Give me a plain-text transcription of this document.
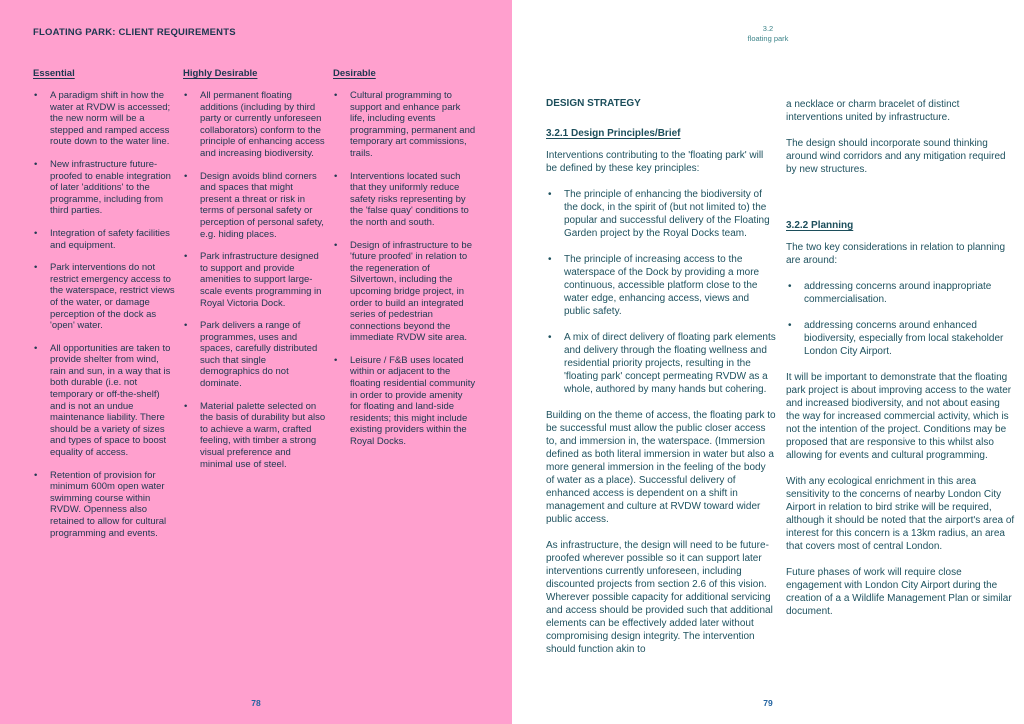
FLOATING PARK: CLIENT REQUIREMENTS
Essential
• A paradigm shift in how the water at RVDW is accessed; the new norm will be a stepped and ramped access route down to the water line.
• New infrastructure future-proofed to enable integration of later 'additions' to the programme, including from third parties.
• Integration of safety facilities and equipment.
• Park interventions do not restrict emergency access to the waterspace, restrict views of the water, or damage perception of the dock as 'open' water.
• All opportunities are taken to provide shelter from wind, rain and sun, in a way that is both durable (i.e. not temporary or off-the-shelf) and is not an undue maintenance liability. There should be a variety of sizes and types of space to boost equality of access.
• Retention of provision for minimum 600m open water swimming course within RVDW. Openness also retained to allow for cultural programming and events.
Highly Desirable
• All permanent floating additions (including by third party or currently unforeseen collaborators) conform to the principle of enhancing access and increasing biodiversity.
• Design avoids blind corners and spaces that might present a threat or risk in terms of personal safety or perception of personal safety, e.g. hiding places.
• Park infrastructure designed to support and provide amenities to support large-scale events programming in Royal Victoria Dock.
• Park delivers a range of programmes, uses and spaces, carefully distributed such that single demographics do not dominate.
• Material palette selected on the basis of durability but also to achieve a warm, crafted feeling, with timber a strong visual preference and minimal use of steel.
Desirable
• Cultural programming to support and enhance park life, including events programming, permanent and temporary art commissions, trails.
• Interventions located such that they uniformly reduce safety risks representing by the 'false quay' conditions to the north and south.
• Design of infrastructure to be 'future proofed' in relation to the regeneration of Silvertown, including the upcoming bridge project, in order to build an integrated series of pedestrian connections beyond the immediate RVDW site area.
• Leisure / F&B uses located within or adjacent to the floating residential community in order to provide amenity for floating and land-side residents; this might include existing providers within the Royal Docks.
78
3.2
floating park
DESIGN STRATEGY
3.2.1 Design Principles/Brief

Interventions contributing to the 'floating park' will be defined by these key principles:

• The principle of enhancing the biodiversity of the dock, in the spirit of (but not limited to) the popular and successful delivery of the Floating Garden project by the Royal Docks team.
• The principle of increasing access to the waterspace of the Dock by providing a more continuous, accessible platform close to the water edge, enhancing access, views and public safety.
• A mix of direct delivery of floating park elements and delivery through the floating wellness and residential priority projects, resulting in the 'floating park' concept permeating RVDW as a whole, authored by many hands but cohering.

Building on the theme of access, the floating park to be successful must allow the public closer access to, and immersion in, the waterspace. (Immersion defined as both literal immersion in water but also a more general immersion in the feeling of the body of water as a place). Successful delivery of enhanced access is dependent on a shift in management and culture at RVDW toward wider public access.

As infrastructure, the design will need to be future-proofed wherever possible so it can support later interventions currently unforeseen, including discounted projects from section 2.6 of this vision. Wherever possible capacity for additional servicing and access should be provided such that additional elements can be effectively added later without compromising design integrity. The intervention should function akin to

a necklace or charm bracelet of distinct interventions united by infrastructure.

The design should incorporate sound thinking around wind corridors and any mitigation required by new structures.

3.2.2 Planning

The two key considerations in relation to planning are around:

• addressing concerns around inappropriate commercialisation.
• addressing concerns around enhanced biodiversity, especially from local stakeholder London City Airport.

It will be important to demonstrate that the floating park project is about improving access to the water and increased biodiversity, and not about easing the way for increased commercial activity, which is not the intention of the project. Conditions may be proposed that are responsive to this whilst also allowing for events and cultural programming.

With any ecological enrichment in this area sensitivity to the concerns of nearby London City Airport in relation to bird strike will be required, although it should be noted that the airport's area of interest for this concern is a 13km radius, an area that covers most of central London.

Future phases of work will require close engagement with London City Airport during the creation of a a Wildlife Management Plan or similar document.

79
